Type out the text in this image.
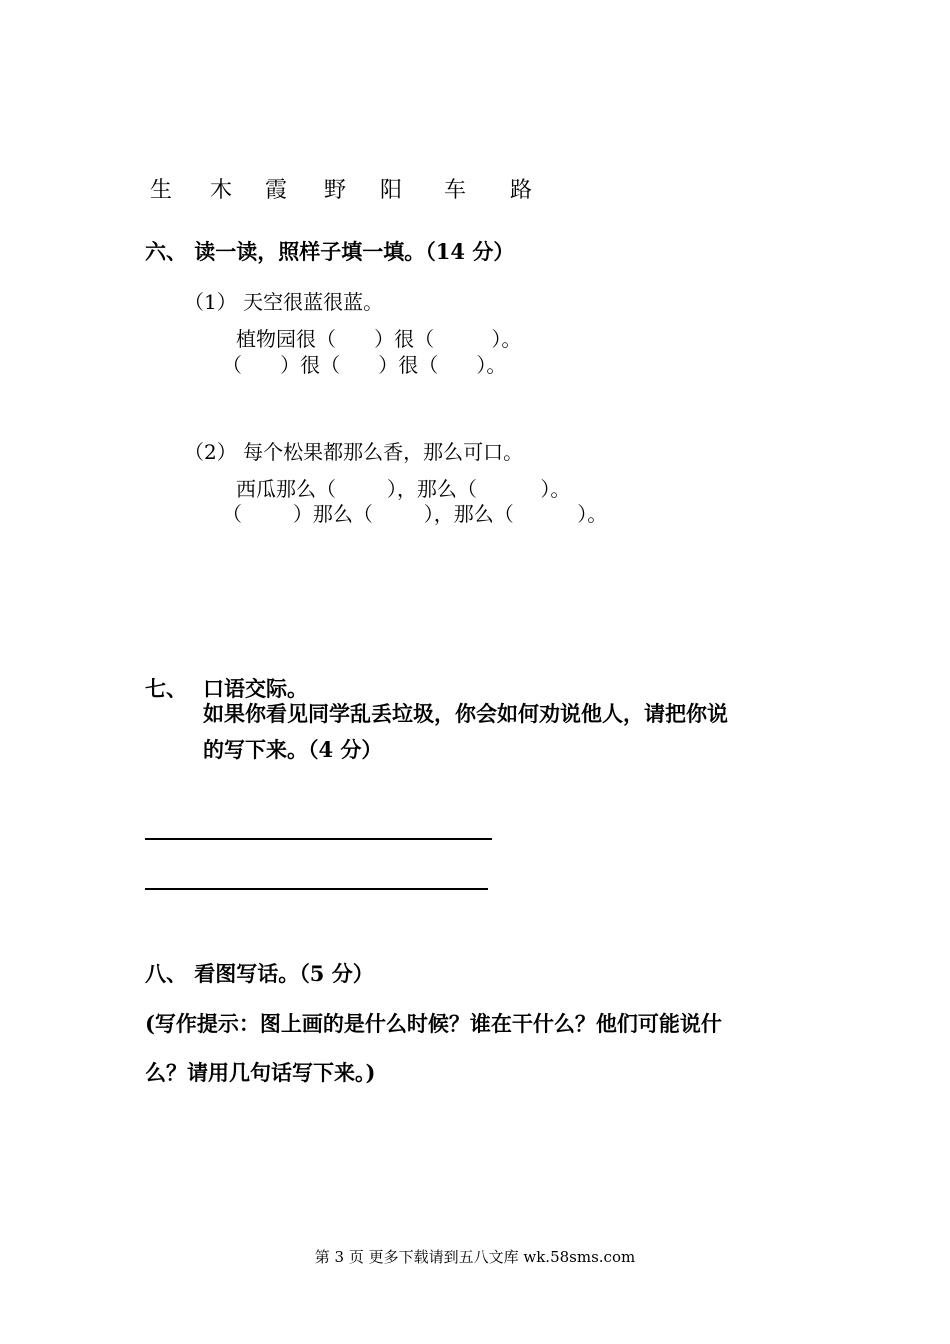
生

木

霞

野

阳

车

路

六、 读一读，照样子填一填。（14 分）
（1） 天空很蓝很蓝。
植物园很（      ）很（         ）。
（      ）很（      ）很（      ）。
（2） 每个松果都那么香，那么可口。
西瓜那么（        ），那么（          ）。
（        ）那么（        ），那么（          ）。
七、 口语交际。
如果你看见同学乱丢垃圾，你会如何劝说他人，请把你说
的写下来。（4 分）
八、 看图写话。（5 分）
(写作提示：图上画的是什么时候？谁在干什么？他们可能说什
么？请用几句话写下来。)
第 3 页 更多下载请到五八文库 wk.58sms.com
